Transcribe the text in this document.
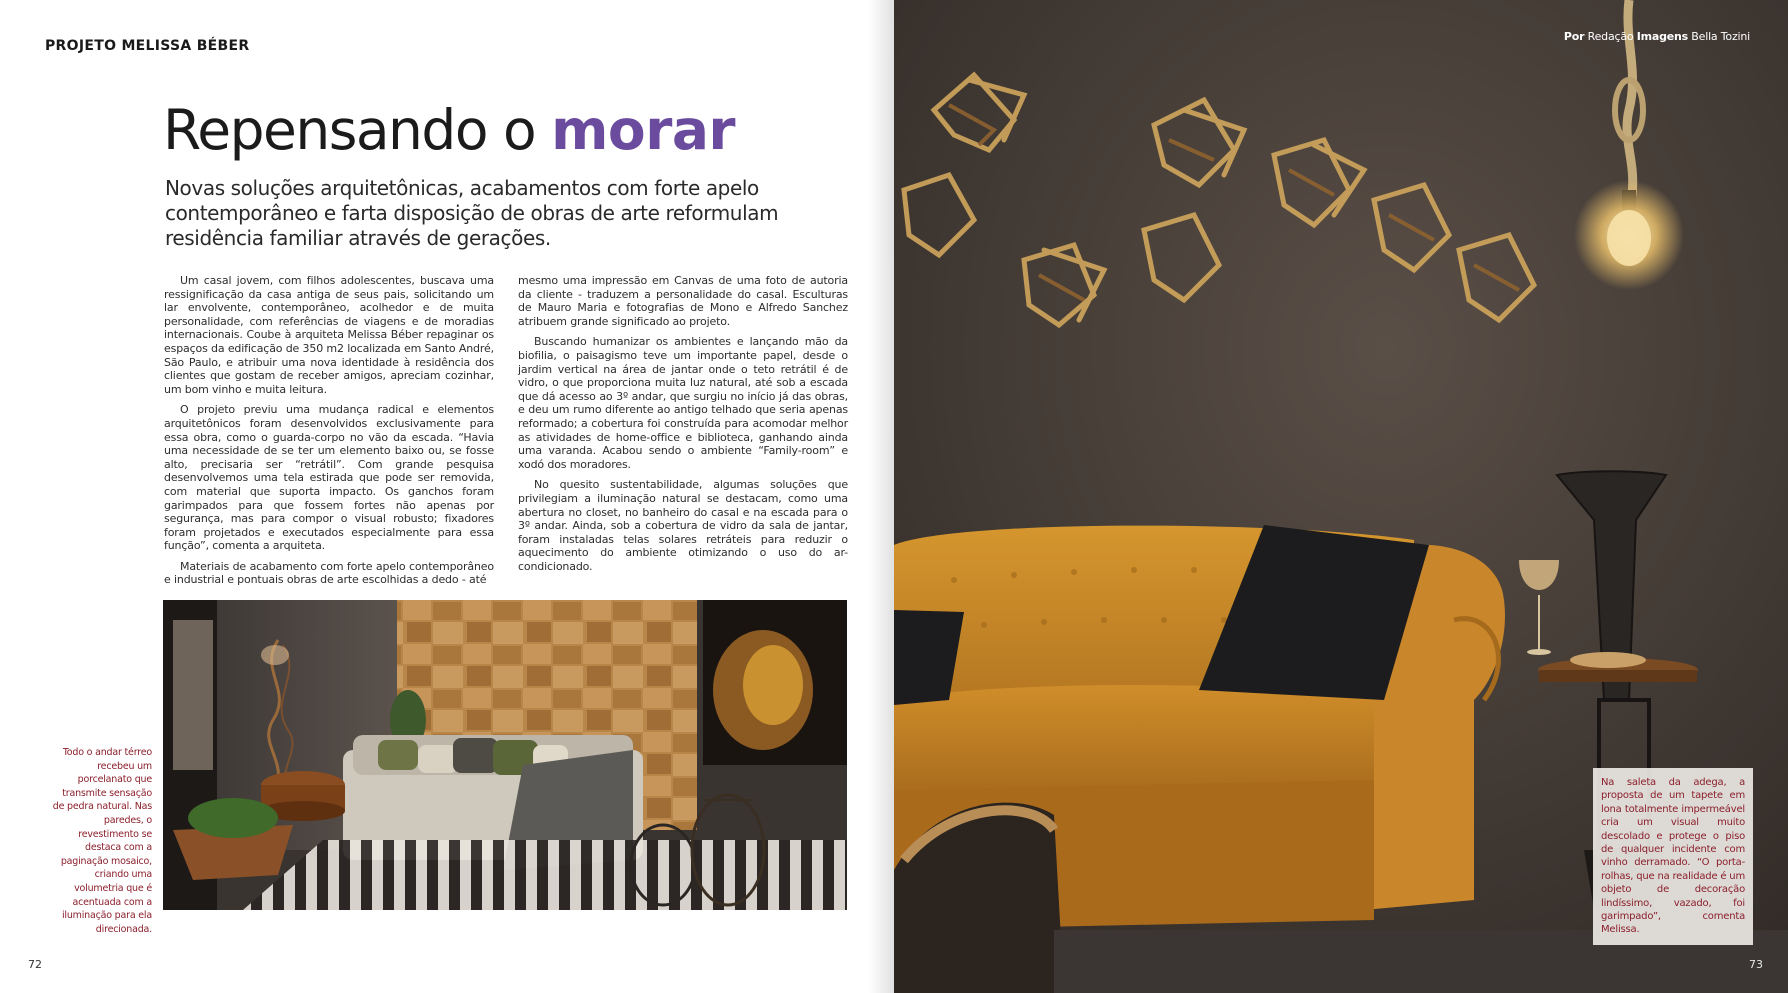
PROJETO MELISSA BÉBER
Repensando o morar

Novas soluções arquitetônicas, acabamentos com forte apelo contemporâneo e farta disposição de obras de arte reformulam residência familiar através de gerações.

Um casal jovem, com filhos adolescentes, buscava uma ressignificação da casa antiga de seus pais, solicitando um lar envolvente, contemporâneo, acolhedor e de muita personalidade, com referências de viagens e de moradias internacionais. Coube à arquiteta Melissa Béber repaginar os espaços da edificação de 350 m2 localizada em Santo André, São Paulo, e atribuir uma nova identidade à residência dos clientes que gostam de receber amigos, apreciam cozinhar, um bom vinho e muita leitura.

O projeto previu uma mudança radical e elementos arquitetônicos foram desenvolvidos exclusivamente para essa obra, como o guarda-corpo no vão da escada. “Havia uma necessidade de se ter um elemento baixo ou, se fosse alto, precisaria ser “retrátil”. Com grande pesquisa desenvolvemos uma tela estirada que pode ser removida, com material que suporta impacto. Os ganchos foram garimpados para que fossem fortes não apenas por segurança, mas para compor o visual robusto; fixadores foram projetados e executados especialmente para essa função”, comenta a arquiteta.

Materiais de acabamento com forte apelo contemporâneo e industrial e pontuais obras de arte escolhidas a dedo - até

mesmo uma impressão em Canvas de uma foto de autoria da cliente - traduzem a personalidade do casal. Esculturas de Mauro Maria e fotografias de Mono e Alfredo Sanchez atribuem grande significado ao projeto.

Buscando humanizar os ambientes e lançando mão da biofilia, o paisagismo teve um importante papel, desde o jardim vertical na área de jantar onde o teto retrátil é de vidro, o que proporciona muita luz natural, até sob a escada que dá acesso ao 3º andar, que surgiu no início já das obras, e deu um rumo diferente ao antigo telhado que seria apenas reformado; a cobertura foi construída para acomodar melhor as atividades de home-office e biblioteca, ganhando ainda uma varanda. Acabou sendo o ambiente “Family-room” e xodó dos moradores.

No quesito sustentabilidade, algumas soluções que privilegiam a iluminação natural se destacam, como uma abertura no closet, no banheiro do casal e na escada para o 3º andar. Ainda, sob a cobertura de vidro da sala de jantar, foram instaladas telas solares retráteis para reduzir o aquecimento do ambiente otimizando o uso do ar-condicionado.

Todo o andar térreo recebeu um porcelanato que transmite sensação de pedra natural. Nas paredes, o revestimento se destaca com a paginação mosaico, criando uma volumetria que é acentuada com a iluminação para ela direcionada.
72
Por Redação Imagens Bella Tozini
Na saleta da adega, a proposta de um tapete em lona totalmente impermeável cria um visual muito descolado e protege o piso de qualquer incidente com vinho derramado. “O porta-rolhas, que na realidade é um objeto de decoração lindíssimo, vazado, foi garimpado”, comenta Melissa.
73
